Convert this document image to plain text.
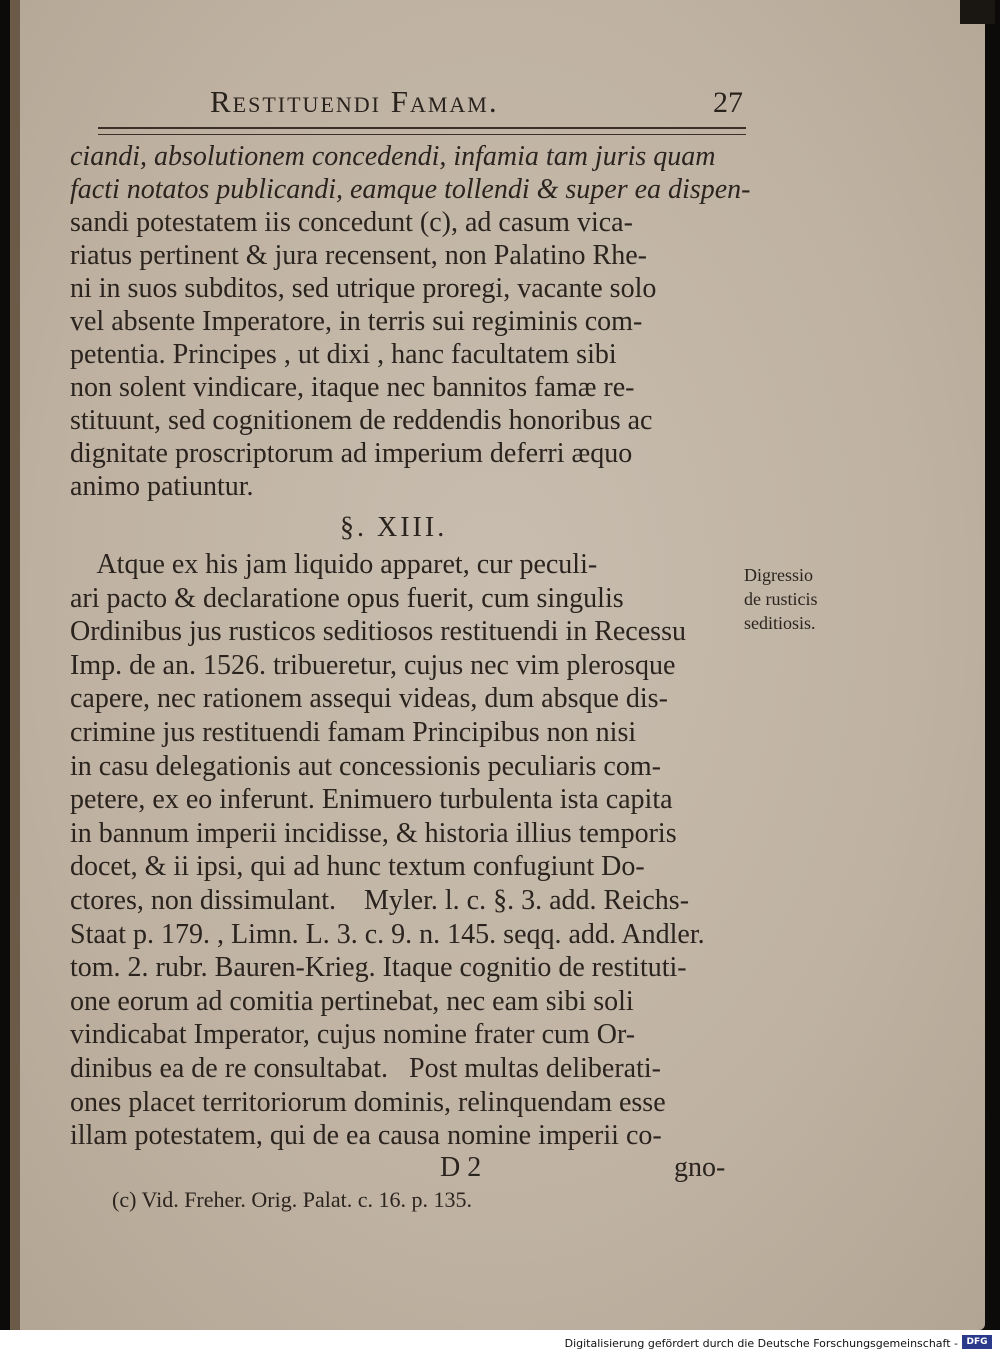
Restituendi Famam.	27
ciandi, absolutionem concedendi, infamia tam juris quam
facti notatos publicandi, eamque tollendi & super ea dispen-
sandi potestatem iis concedunt (c), ad casum vica-
riatus pertinent & jura recensent, non Palatino Rhe-
ni in suos subditos, sed utrique proregi, vacante solo
vel absente Imperatore, in terris sui regiminis com-
petentia. Principes , ut dixi , hanc facultatem sibi
non solent vindicare, itaque nec bannitos famæ re-
stituunt, sed cognitionem de reddendis honoribus ac
dignitate proscriptorum ad imperium deferri æquo
animo patiuntur.
§. XIII.
Atque ex his jam liquido apparet, cur peculi-
ari pacto & declaratione opus fuerit, cum singulis
Ordinibus jus rusticos seditiosos restituendi in Recessu
Imp. de an. 1526. tribueretur, cujus nec vim plerosque
capere, nec rationem assequi videas, dum absque dis-
crimine jus restituendi famam Principibus non nisi
in casu delegationis aut concessionis peculiaris com-
petere, ex eo inferunt. Enimuero turbulenta ista capita
in bannum imperii incidisse, & historia illius temporis
docet, & ii ipsi, qui ad hunc textum confugiunt Do-
ctores, non dissimulant.    Myler. l. c. §. 3. add. Reichs-
Staat p. 179. , Limn. L. 3. c. 9. n. 145. seqq. add. Andler.
tom. 2. rubr. Bauren-Krieg. Itaque cognitio de restituti-
one eorum ad comitia pertinebat, nec eam sibi soli
vindicabat Imperator, cujus nomine frater cum Or-
dinibus ea de re consultabat.   Post multas deliberati-
ones placet territoriorum dominis, relinquendam esse
illam potestatem, qui de ea causa nomine imperii co-
Digressio
de rusticis
seditiosis.
D 2	gno-
(c) Vid. Freher. Orig. Palat. c. 16. p. 135.
Digitalisierung gefördert durch die Deutsche Forschungsgemeinschaft - DFG
